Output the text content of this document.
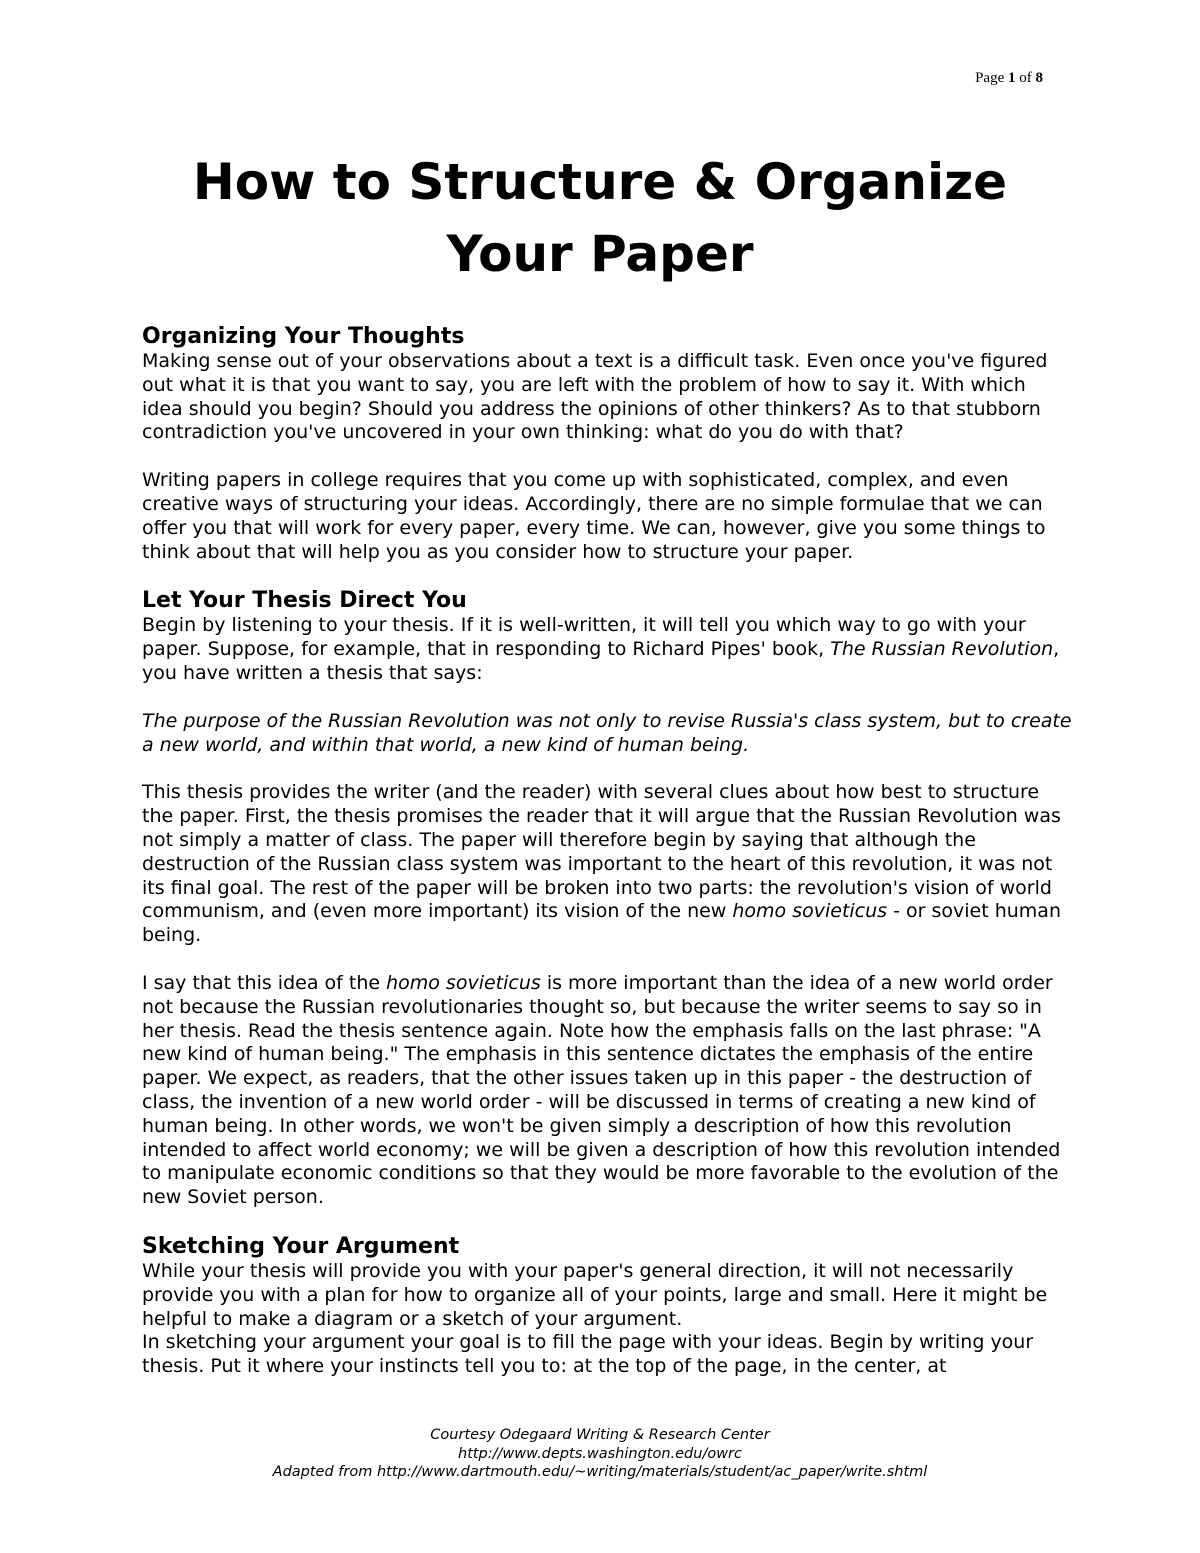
Page 1 of 8
How to Structure & Organize
Your Paper
Organizing Your Thoughts

Making sense out of your observations about a text is a difficult task. Even once you've figured out what it is that you want to say, you are left with the problem of how to say it. With which idea should you begin? Should you address the opinions of other thinkers? As to that stubborn contradiction you've uncovered in your own thinking: what do you do with that?

Writing papers in college requires that you come up with sophisticated, complex, and even creative ways of structuring your ideas. Accordingly, there are no simple formulae that we can offer you that will work for every paper, every time. We can, however, give you some things to think about that will help you as you consider how to structure your paper.

Let Your Thesis Direct You

Begin by listening to your thesis. If it is well-written, it will tell you which way to go with your paper. Suppose, for example, that in responding to Richard Pipes' book, The Russian Revolution, you have written a thesis that says:

The purpose of the Russian Revolution was not only to revise Russia's class system, but to create a new world, and within that world, a new kind of human being.

This thesis provides the writer (and the reader) with several clues about how best to structure the paper. First, the thesis promises the reader that it will argue that the Russian Revolution was not simply a matter of class. The paper will therefore begin by saying that although the destruction of the Russian class system was important to the heart of this revolution, it was not its final goal. The rest of the paper will be broken into two parts: the revolution's vision of world communism, and (even more important) its vision of the new homo sovieticus - or soviet human being.

I say that this idea of the homo sovieticus is more important than the idea of a new world order not because the Russian revolutionaries thought so, but because the writer seems to say so in her thesis. Read the thesis sentence again. Note how the emphasis falls on the last phrase: "A new kind of human being." The emphasis in this sentence dictates the emphasis of the entire paper. We expect, as readers, that the other issues taken up in this paper - the destruction of class, the invention of a new world order - will be discussed in terms of creating a new kind of human being. In other words, we won't be given simply a description of how this revolution intended to affect world economy; we will be given a description of how this revolution intended to manipulate economic conditions so that they would be more favorable to the evolution of the new Soviet person.

Sketching Your Argument

While your thesis will provide you with your paper's general direction, it will not necessarily provide you with a plan for how to organize all of your points, large and small. Here it might be helpful to make a diagram or a sketch of your argument.

In sketching your argument your goal is to fill the page with your ideas. Begin by writing your thesis. Put it where your instincts tell you to: at the top of the page, in the center, at

Courtesy Odegaard Writing & Research Center
http://www.depts.washington.edu/owrc
Adapted from http://www.dartmouth.edu/~writing/materials/student/ac_paper/write.shtml
